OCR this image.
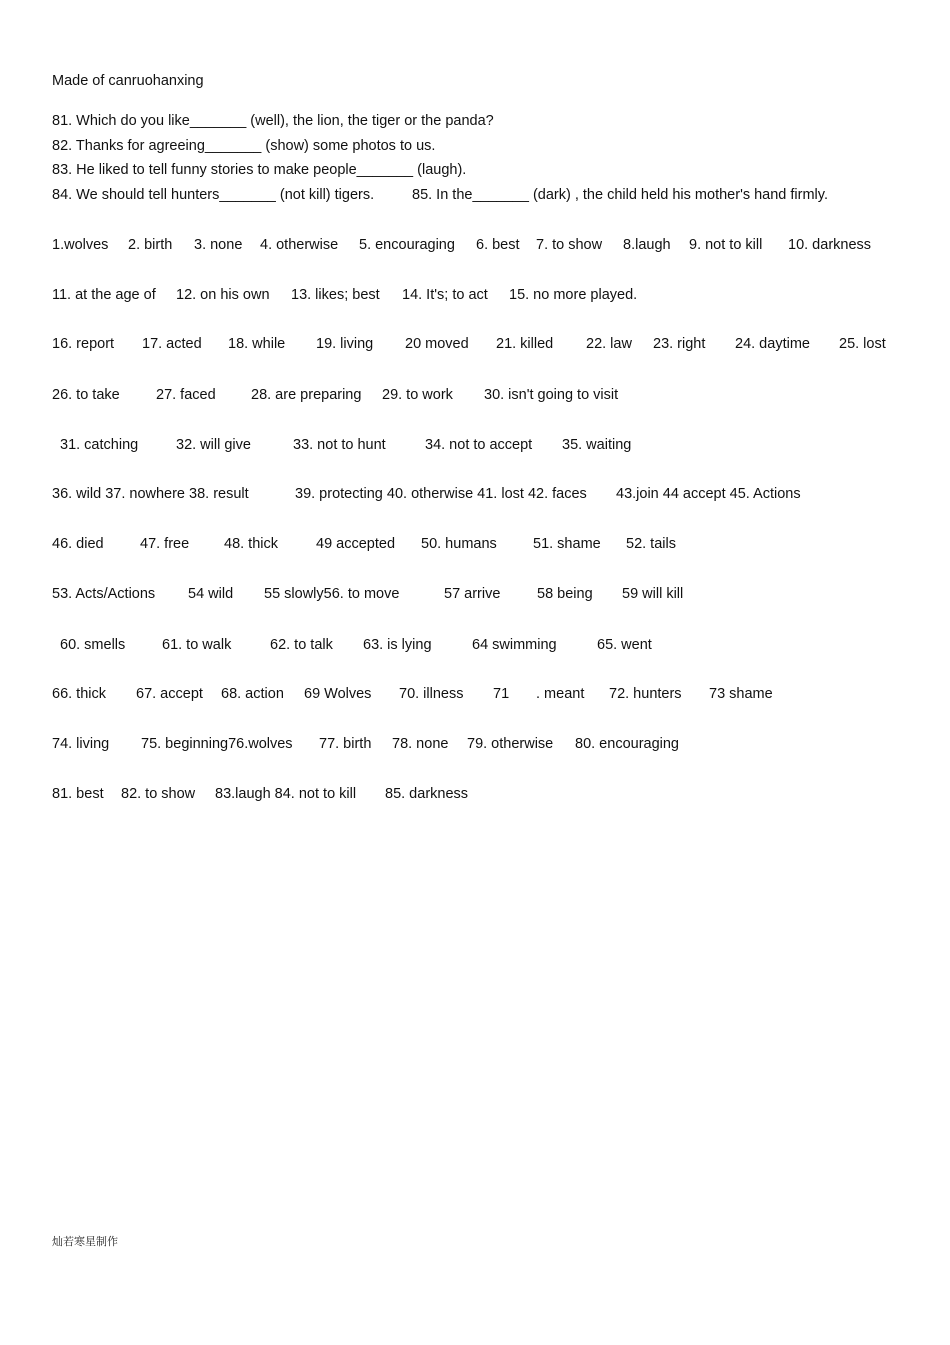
Made of canruohanxing
81. Which do you like_______ (well), the lion, the tiger or the panda?
82. Thanks for agreeing_______ (show) some photos to us.
83. He liked to tell funny stories to make people_______ (laugh).
84. We should tell hunters_______ (not kill) tigers.	85. In the_______ (dark) , the child held his mother's hand firmly.
1.wolves 2. birth 3. none 4. otherwise 5. encouraging 6. best 7. to show 8.laugh 9. not to kill 10. darkness
11. at the age of 12. on his own 13. likes; best 14. It's; to act 15. no more played.
16. report 17. acted 18. while 19. living 20 moved 21. killed 22. law 23. right 24. daytime 25. lost
26. to take	27. faced 28. are preparing 29. to work 30. isn't going to visit
31. catching	32. will give	33. not to hunt	34. not to accept 35. waiting
36. wild 37. nowhere 38. result	39. protecting 40. otherwise 41. lost 42. faces 43.join 44 accept 45. Actions
46. died	47. free 48. thick	49 accepted 50. humans 51. shame 52. tails
53. Acts/Actions 54 wild 55 slowly56. to move	57 arrive	58 being 59 will kill
60. smells	61. to walk	62. to talk 63. is lying	64 swimming	65. went
66. thick 67. accept 68. action 69 Wolves 70. illness 71 . meant 72. hunters 73 shame
74. living 75. beginning76.wolves 77. birth 78. none 79. otherwise 80. encouraging
81. best 82. to show 83.laugh 84. not to kill 85. darkness
灿若寒星制作
